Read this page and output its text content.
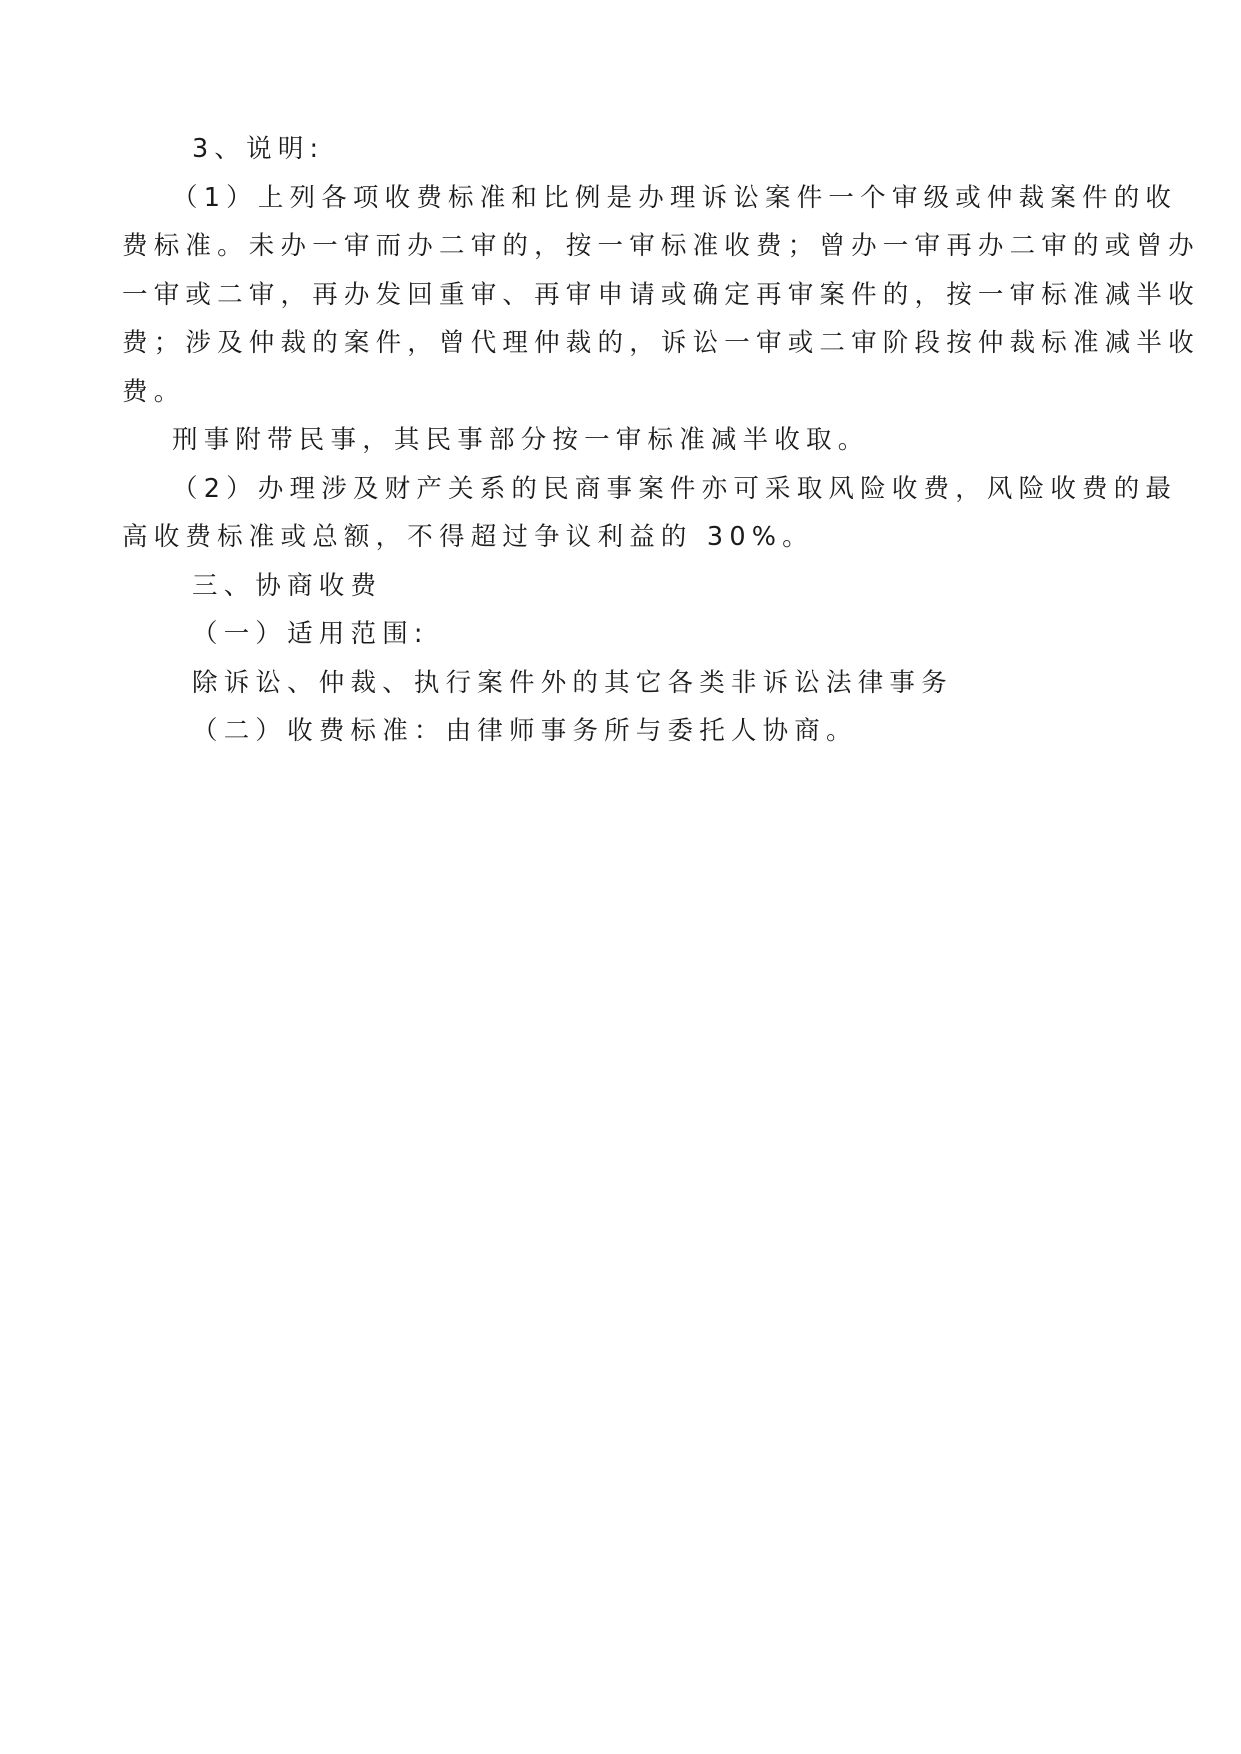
3、说明:

（1）上列各项收费标准和比例是办理诉讼案件一个审级或仲裁案件的收

费标准。未办一审而办二审的，按一审标准收费；曾办一审再办二审的或曾办

一审或二审，再办发回重审、再审申请或确定再审案件的，按一审标准减半收

费；涉及仲裁的案件，曾代理仲裁的，诉讼一审或二审阶段按仲裁标准减半收

费。

刑事附带民事，其民事部分按一审标准减半收取。

（2）办理涉及财产关系的民商事案件亦可采取风险收费，风险收费的最

高收费标准或总额，不得超过争议利益的 30%。

三、协商收费

（一）适用范围:

除诉讼、仲裁、执行案件外的其它各类非诉讼法律事务

（二）收费标准：由律师事务所与委托人协商。
